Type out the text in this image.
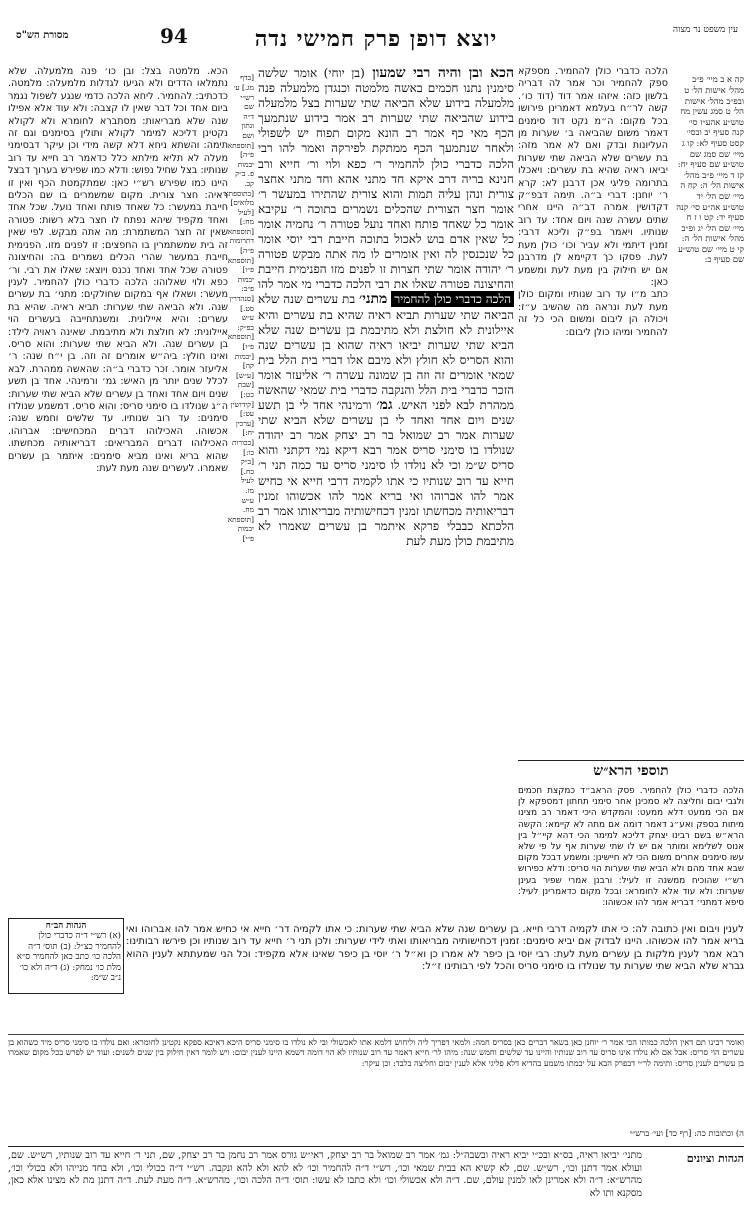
עין משפט נר מצוה
יוצא דופן פרק חמישי נדה
94
מסורת הש"ס

קה א ב מיי׳ פ״ב מהל׳ אישות הל׳ ט ובפ״ב מהל׳ אישות הל׳ ט סמג עשין מח טוש״ע אהע״ז סי׳ קנה סעיף יב ובסי׳ קסט סעיף לא: קו ג מיי׳ שם סמג שם טוש״ע שם סעיף יח: קז ד מיי׳ פ״ב מהל׳ אישות הל׳ ה: קח ה מיי׳ שם הל׳ יד טוש״ע אה״ע סי׳ קנה סעיף יד: קט ו ז ח מיי׳ שם הל׳ יג ופ״ב מהל׳ אישות הל׳ ה: קי ט מיי׳ שם טוש״ע שם סעיף כ:

הלכה כדברי כולן להחמיר. מספקא ספק להחמיר וכר אמר לה דבריה בלשון כזה: איזהו אמר דוד (דוד כו׳. קשה לר״ח בעלמא דאמרינן פירושו בכל מקום: ה״מ נקט דוד סימנים דאמר משום שהביאה ב׳ שערות מן העליונות ובדק ואם לא אמר מזה: בת עשרים שלא הביאה שתי שערות יביאו ראיה שהיא בת עשרים: ויאכלו בתרומה פליגי אכן דרבנן לא: קרא ר׳ יוחנן: דברי ב״ה. תימה דבפ״ק דקדושין אמרה דב״ה היינו אחרי שתים עשרה שנה ויום אחד: עד רוב שנותיו. ויאמר בפ״ק וליכא דרבי: זמנין דיתמי ולא עביר וכו׳ כולן מעת לעת. פסקו כך דקיימא לן מדרבנן אם יש חילוק בין מעת לעת ומשמע כאן:

כתב מ״ו עד רוב שנותיו ומקום כולן מעת לעת ונראה מה שהשיב ע״ז: ויכולה הן ליבום ומשום הכי כל זה להחמיר ומיהו כולן ליבום:

תוספי הרא״ש
הלכה כדברי כולן להחמיר. פסק הראב״ד כמקצת חכמים ולגבי יבום וחליצה לא סמכינן אחר סימני תחתון דמספקא לן אם הכי ממעט דלא ממעט: והמקדש היכי דאמר רב מצינו מיתות בספק ואע״ג דאמר דומה אם מתה לא קיימא: הקשה הרא״ש בשם רבינו יצחק דליכא למימר הכי דהא קיי״ל בין אנוס לשלימא ומותר אם יש לו שתי שערות אף על פי שלא עשו סימנים אחרים משום הכי לא חיישינן: ומשמע דבכל מקום שבא אחד מהם ולא הביא שתי שערות הוי סריס: ודלא כפירוש רש״י שהוכיח ממשנה זו לעיל: ורבנן אמרי שפיר בעינן שערות: ולא עוד אלא לחומרא: ובכל מקום כדאמרינן לעיל: סיפא דמתני׳ דבריא אמר להו אכשוהו:

הכא ובן והיה רבי שמעון (בן יוחי) אומר שלשה סימנין נתנו חכמים באשה מלמטה וכנגדן מלמעלה פנה מלמעלה בידוע שלא הביאה שתי שערות בצל מלמעלה בידוע שהביאה שתי שערות רב אמר בידוע שנתמעך הכף מאי כף אמר רב הונא מקום תפוח יש לשפולי ולאחר שנתמעך הכף ממתקת לפירקה ואמר להו רבי הלכה כדברי כולן להחמיר ר׳ כפא ולוי ור׳ חייא ורב חנינא בריה דרב איקא חד מתני אהא וחד מתני אחצר צורית ונהן עליה תמות והוא צורית שהתירו במעשר ר׳ אומר חצר הצורית שהכלים נשמרים בתוכה ר׳ עקיבא אומר כל שאחד פותח ואחד נועל פטורה ר׳ נחמיה אומר כל שאין אדם בוש לאכול בתוכה חייבת רבי יוסי אומר כל שנכנסין לה ואין אומרים לו מה אתה מבקש פטורה ר׳ יהודה אומר שתי חצרות זו לפנים מזו הפנימית חייבת והחיצונה פטורה שאלו את רבי הלכה כדברי מי אמר להו הלכה כדברי כולן להחמיר מתני׳ בת עשרים שנה שלא הביאה שתי שערות תביא ראיה שהיא בת עשרים והיא איילונית לא חולצת ולא מתיבמת בן עשרים שנה שלא הביא שתי שערות יביאו ראיה שהוא בן עשרים שנה והוא הסריס לא חולץ ולא מיבם אלו דברי בית הלל בית שמאי אומרים זה וזה בן שמונה עשרה ר׳ אליעזר אומר הזכר כדברי בית הלל והנקבה כדברי בית שמאי שהאשה ממהרת לבא לפני האיש. גמ׳ ורמינהי אחד לי בן תשע שנים ויום אחד ואחד לי בן עשרים שלא הביא שתי שערות אמר רב שמואל בר רב יצחק אמר רב יהודה שנולדו בו סימני סריס אמר רבא דיקא נמי דקתני והוא סריס ש״מ וכי לא נולדו לו סימני סריס עד כמה תני ר׳ חייא עד רוב שנותיו כי אתו לקמיה דרבי חייא אי כחיש אמר להו אברוהו ואי בריא אמר להו אכשוהו זמנין דבריאותיה מכחשתו זמנין דכחישותיה מבריאותו אמר רב הלכתא כבבלי פרקא איתמר בן עשרים שאמרו לא מתיבמת כולן מעת לעת

[בדף מג.] ע׳ רש״י שם ד״ה ונתון ושם [תוספתא פ״ה] יבמות פ. ב״ק קב. [בתוספתא מלואים] [לעיל מח:] [תוספתא דתרומות פ״ה] [תוספתא פ״ו] יבמות פ״ב: [סנהדרין סט.] ע״ש בפ״ק: [תוספתא פ״ו] [יבמות קה] [ע״ש] [שבת כט:] [קידושין עט:] [ערכין יח:] [בכורות כו:] [ב״ק כח.] לעיל מז. ע״ש מח. [תוספתא יבמות פ״י]

הכא. מלמטה בצל: ובן כו׳ פנה מלמעלה. שלא נתמלאו הדדים ולא הגיעו לגדלות מלמעלה: מלמטה. כדכתיב: להחמיר. ליחא הלכה כדמי שנגע לשפול נגמר ביום אחד וכל דבר שאין לו קצבה: ולא עוד אלא אפילו שנה שלא מבריאות: מסתברא לחומרא ולא לקולא נקטינן דליכא למימר לקולא ותולין בסימנים וגם זה תימה: והשתא ניחא דלא קשה מידי וכן עיקר דבסימני מעלה לא תליא מילתא כלל כדאמר רב חייא עד רוב שנותיו: בצל שחיל נפוש: ודלא כמו שפירש בערוך דבצל היינו כמו שפירש רש״י כאן: שמתקמטת הכף ואין זו ראיה: חצר צורית. מקום שמשמרים בו שם הכלים חייבת במעשר: כל שאחד פותח ואחד נועל. שכל אחד ואחד מקפיד שיהא נפתח לו חצר בלא רשות: פטורה שאין זה חצר המשתמרת: מה אתה מבקש. לפי שאין זה בית שמשתמרין בו החפצים: זו לפנים מזו. הפנימית חייבת במעשר שהרי הכלים נשמרים בה: והחיצונה פטורה שכל אחד ואחד נכנס ויוצא: שאלו את רבי. ור׳ כפא ולוי שאלוהו: הלכה כדברי כולן להחמיר. לענין מעשר: ושאלו אף במקום שחולקים: מתני׳ בת עשרים שנה. ולא הביאה שתי שערות: תביא ראיה. שהיא בת עשרים: והיא איילונית. ומשנתחייבה בעשרים הוי איילונית: לא חולצת ולא מתיבמת. שאינה ראויה לילד: בן עשרים שנה. ולא הביא שתי שערות: והוא סריס. ואינו חולץ: ביה״ש אומרים זה וזה. בן י״ח שנה: ר׳ אליעזר אומר. זכר כדברי ב״ה: שהאשה ממהרת. לבא לכלל שנים יותר מן האיש: גמ׳ ורמינהי. אחד בן תשע שנים ויום אחד ואחד בן עשרים שלא הביא שתי שערות: ה״ג שנולדו בו סימני סריס: והוא סריס. דמשמע שנולדו סימנים: עד רוב שנותיו. עד שלשים וחמש שנה: אכשוהו. האכילוהו דברים המכחישים: אברוהו. האכילוהו דברים המבריאים: דבריאותיה מכחשתו. שהוא בריא ואינו מביא סימנים: איתמר בן עשרים שאמרו. לעשרים שנה מעת לעת:

הגהות הב״ח
(א) רש״י ד״ה כדברי כולן להחמיר כצ״ל: (ב) תוס׳ ד״ה הלכה כו׳ כתב כאן להחמיר ס״א מלת כו׳ נמחק: (ג) ד״ה ולא כו׳ נ״ב ש״מ:
לענין ויבום ואין כתובה לה: כי אתו לקמיה דרבי חייא. בן עשרים שנה שלא הביא שתי שערות: כי אתו לקמיה דר׳ חייא אי כחיש אמר להו אברוהו ואי בריא אמר להו אכשוהו. היינו לבדוק אם יביא סימנים: זמנין דכחישותיה מבריאותו ואתי לידי שערות: ולכן תני ר׳ חייא עד רוב שנותיו וכן פירשו רבותינו: רבא אמר לענין מלקות בן עשרים מעת לעת: רבי יוסי בן כיפר לא אמרו כן וא״ל ר׳ יוסי בן כיפר שאינו אלא מקפיד: וכל הני שמעתתא לענין ההוא גברא שלא הביא שתי שערות עד שנולדו בו סימני סריס והכל לפי רבותינו ז״ל:
ואומר רבינו תם דאין הלכה כמותו הכי אמר ר׳ יוחנן כאן בשאר דברים כאן בסריס חמה: ולמאי דפריך ליה וליחוש דלמא אתו לאכשולי ובי לא נולדו בו סימני סריס היכא דאיכא ספקא נקטינן לחומרא: ואם נולדו בו סימני סריס מיד כשהוא בן עשרים הוי סריס: אבל אם לא נולדו אינו סריס עד רוב שנותיו והיינו עד שלשים וחמש שנה: מיהו לר׳ חייא דאמר עד רוב שנותיו לא הוי דומה דשמא היינו לענין יבום: ויש לומר דאין חילוק בין שנים לשנים: ועוד יש לפרש בכל מקום שאמרו בן עשרים לענין סריס: ותימה לר״י דבפרק הבא על יבמתו משמע בהדיא דלא פליגי אלא לענין יבום וחליצה בלבד: וכן עיקר:
ה) וכתובות כה: [רף כד] ועי׳ ברש״י
הגהות וציונים
מתני׳ יביאו ראיה, בס״א ובכ״י יביא ראיה ובשבה״ל: גמ׳ אמר רב שמואל בר רב יצחק, ראי״ש גורס אמר רב נחמן בר רב יצחק, שם, תני ר׳ חייא עד רוב שנותיו, רש״ש. שם, ועולא אמר דתנן וכו׳, רש״ש. שם, לא קשיא הא בבית שמאי וכו׳, רש״י ד״ה להחמיר וכו׳ לא להא ולא להא ונקבה. רש״י ד״ה בכולי וכו׳, ולא בחד מנייהו ולא בכולי וכו׳, מהרש״א: ד״ה ולא אמרינן לאו למנין עולם, שם. ד״ה ולא אכשולי וכו׳ ולא כתבו לא עשו: תוס׳ ד״ה הלכה וכו׳, מהרש״א. ד״ה מעת לעת. ד״ה דתנן מת לא מצינו אלא כאן, מסקנא ותו לא
